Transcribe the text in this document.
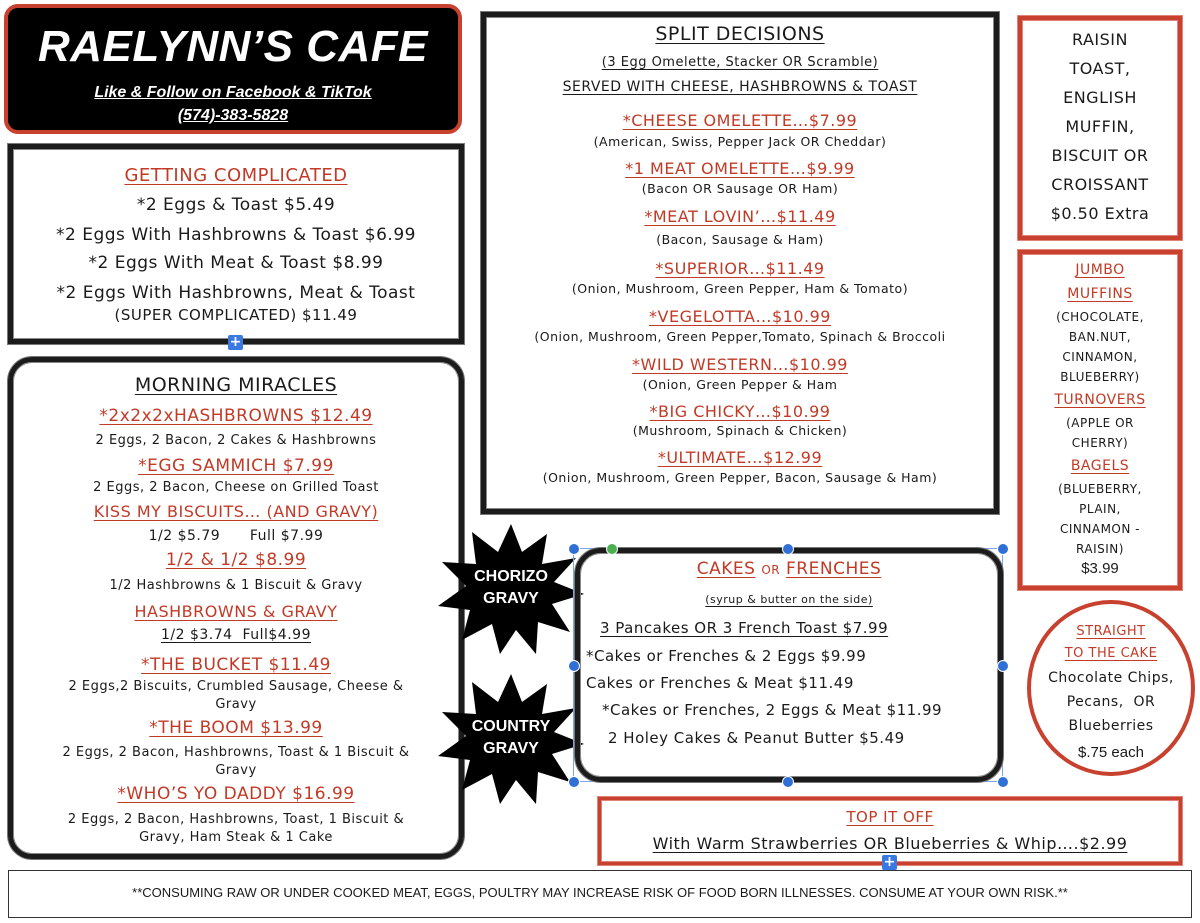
RAELYNN’S CAFE
Like & Follow on Facebook & TikTok
(574)-383-5828
GETTING COMPLICATED
*2 Eggs & Toast $5.49
*2 Eggs With Hashbrowns & Toast $6.99
*2 Eggs With Meat & Toast $8.99
*2 Eggs With Hashbrowns, Meat & Toast
(SUPER COMPLICATED) $11.49
+
MORNING MIRACLES
*2x2x2xHASHBROWNS $12.49
2 Eggs, 2 Bacon, 2 Cakes & Hashbrowns
*EGG SAMMICH $7.99
2 Eggs, 2 Bacon, Cheese on Grilled Toast
KISS MY BISCUITS… (AND GRAVY)
1/2 $5.79      Full $7.99
1/2 & 1/2 $8.99
1/2 Hashbrowns & 1 Biscuit & Gravy
HASHBROWNS & GRAVY
1/2 $3.74  Full$4.99
*THE BUCKET $11.49
2 Eggs,2 Biscuits, Crumbled Sausage, Cheese &
Gravy
*THE BOOM $13.99
2 Eggs, 2 Bacon, Hashbrowns, Toast & 1 Biscuit &
Gravy
*WHO’S YO DADDY $16.99
2 Eggs, 2 Bacon, Hashbrowns, Toast, 1 Biscuit &
Gravy, Ham Steak & 1 Cake
SPLIT DECISIONS
(3 Egg Omelette, Stacker OR Scramble)
SERVED WITH CHEESE, HASHBROWNS & TOAST
*CHEESE OMELETTE…$7.99
(American, Swiss, Pepper Jack OR Cheddar)
*1 MEAT OMELETTE…$9.99
(Bacon OR Sausage OR Ham)
*MEAT LOVIN’…$11.49
(Bacon, Sausage & Ham)
*SUPERIOR…$11.49
(Onion, Mushroom, Green Pepper, Ham & Tomato)
*VEGELOTTA…$10.99
(Onion, Mushroom, Green Pepper,Tomato, Spinach & Broccoli
*WILD WESTERN…$10.99
(Onion, Green Pepper & Ham
*BIG CHICKY…$10.99
(Mushroom, Spinach & Chicken)
*ULTIMATE…$12.99
(Onion, Mushroom, Green Pepper, Bacon, Sausage & Ham)
RAISIN
TOAST,
ENGLISH
MUFFIN,
BISCUIT OR
CROISSANT
$0.50 Extra
JUMBO
MUFFINS
(CHOCOLATE,
BAN.NUT,
CINNAMON,
BLUEBERRY)
TURNOVERS
(APPLE OR
CHERRY)
BAGELS
(BLUEBERRY,
PLAIN,
CINNAMON -
RAISIN)
$3.99
CHORIZO
GRAVY
COUNTRY
GRAVY
CAKES OR FRENCHES
(syrup & butter on the side)
3 Pancakes OR 3 French Toast $7.99
*Cakes or Frenches & 2 Eggs $9.99
Cakes or Frenches & Meat $11.49
*Cakes or Frenches, 2 Eggs & Meat $11.99
2 Holey Cakes & Peanut Butter $5.49
STRAIGHT
TO THE CAKE
Chocolate Chips,
Pecans,  OR
Blueberries
$.75 each
TOP IT OFF
With Warm Strawberries OR Blueberries & Whip….$2.99
+
**CONSUMING RAW OR UNDER COOKED MEAT, EGGS, POULTRY MAY INCREASE RISK OF FOOD BORN ILLNESSES. CONSUME AT YOUR OWN RISK.**
